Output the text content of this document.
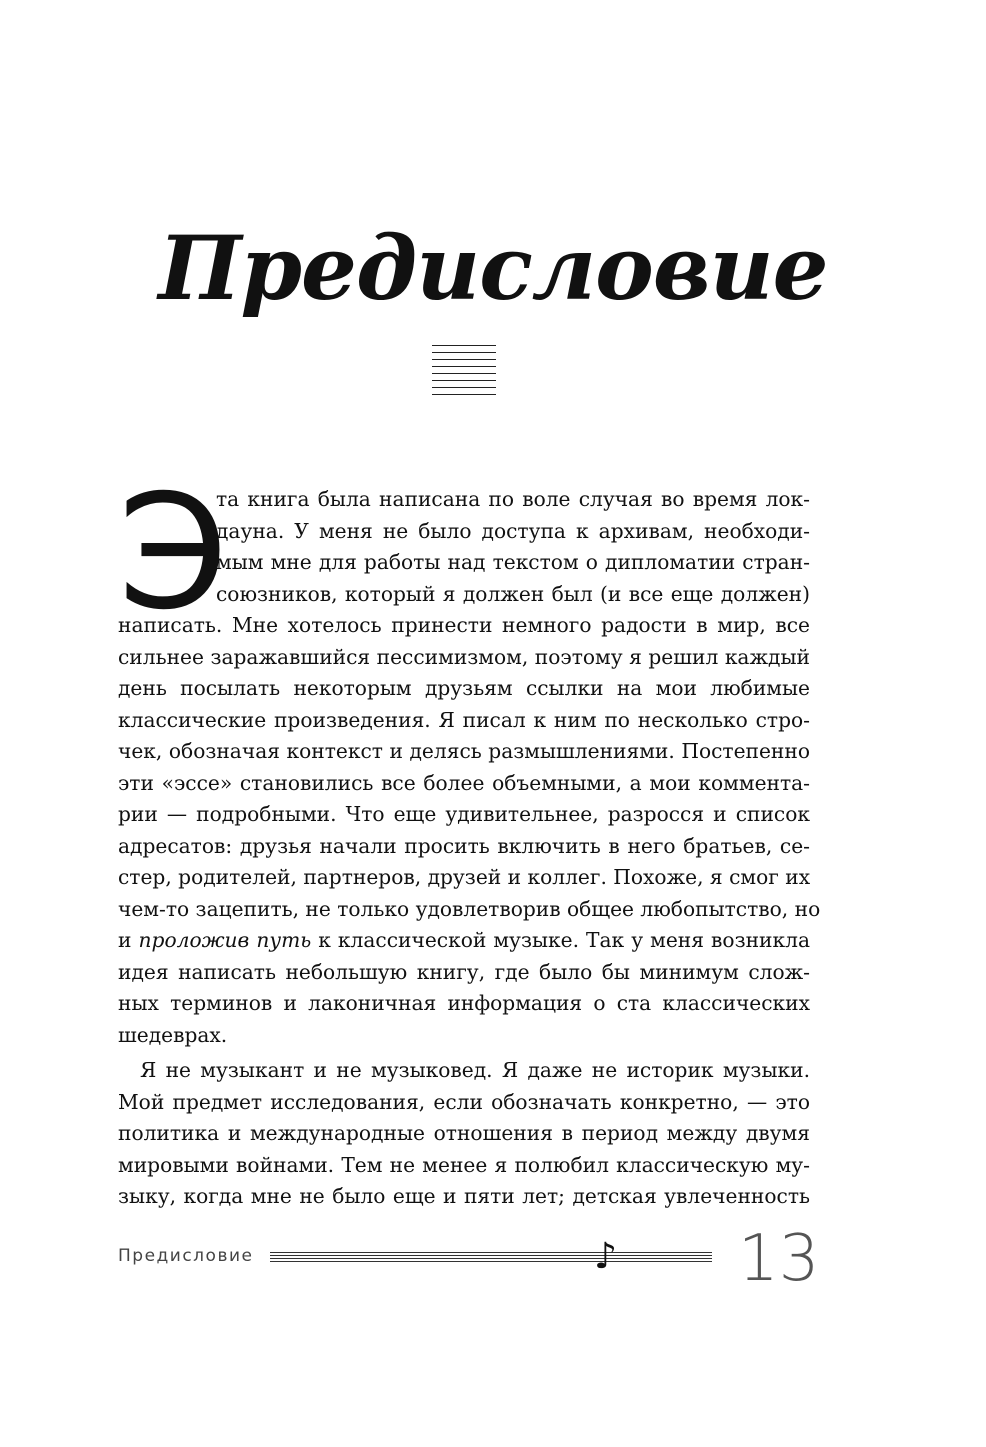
Предисловие
Э
та книга была написана по воле случая во время лок-
дауна. У меня не было доступа к архивам, необходи-
мым мне для работы над текстом о дипломатии стран-
союзников, который я должен был (и все еще должен)
написать. Мне хотелось принести немного радости в мир, все
сильнее заражавшийся пессимизмом, поэтому я решил каждый
день посылать некоторым друзьям ссылки на мои любимые
классические произведения. Я писал к ним по несколько стро-
чек, обозначая контекст и делясь размышлениями. Постепенно
эти «эссе» становились все более объемными, а мои коммента-
рии — подробными. Что еще удивительнее, разросся и список
адресатов: друзья начали просить включить в него братьев, се-
стер, родителей, партнеров, друзей и коллег. Похоже, я смог их
чем-то зацепить, не только удовлетворив общее любопытство, но
и проложив путь к классической музыке. Так у меня возникла
идея написать небольшую книгу, где было бы минимум слож-
ных терминов и лаконичная информация о ста классических
шедеврах.
Я не музыкант и не музыковед. Я даже не историк музыки.
Мой предмет исследования, если обозначать конкретно, — это
политика и международные отношения в период между двумя
мировыми войнами. Тем не менее я полюбил классическую му-
зыку, когда мне не было еще и пяти лет; детская увлеченность
Предисловие	♪ 13
